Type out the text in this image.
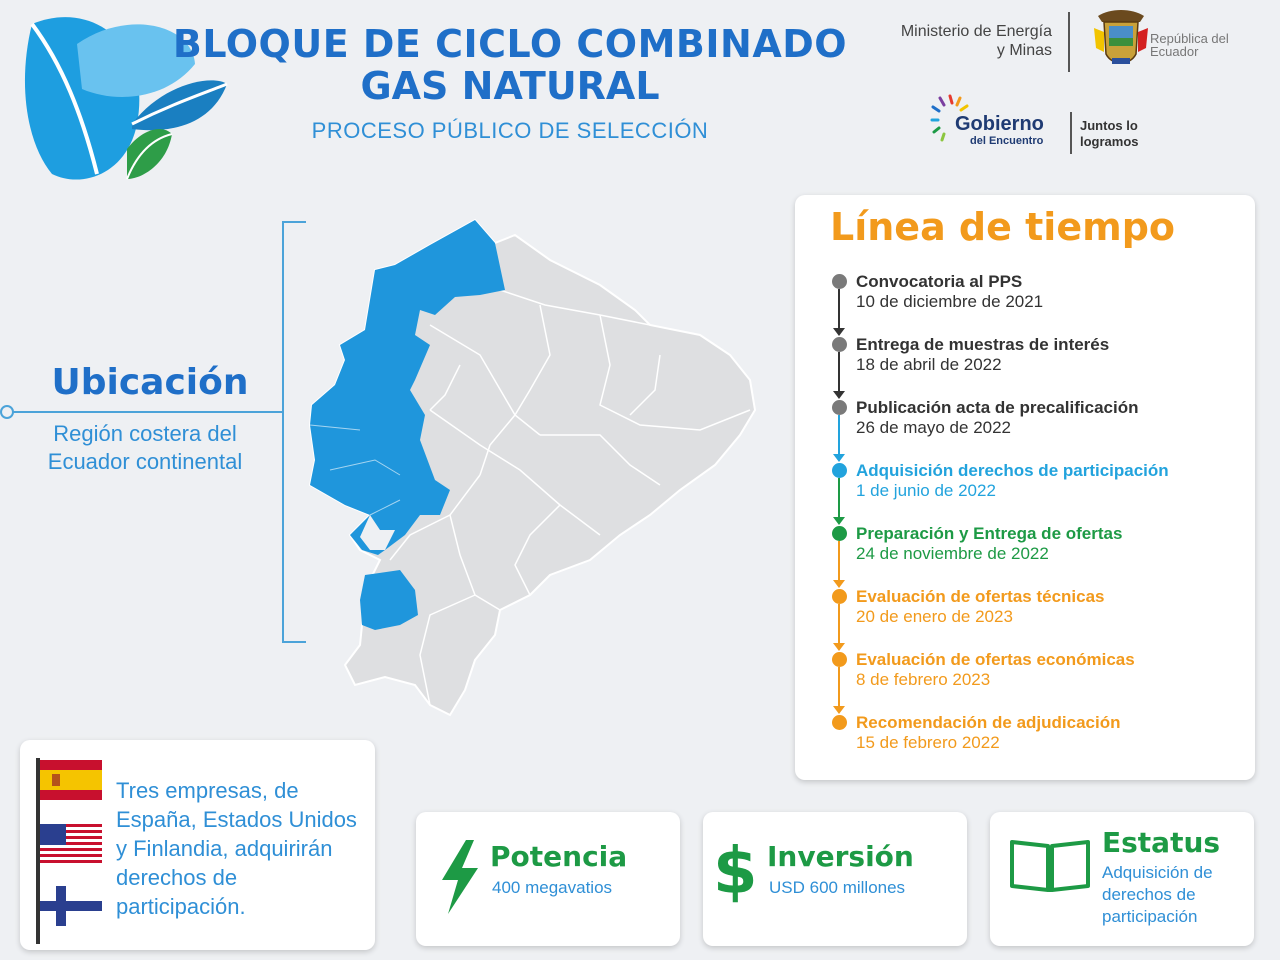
BLOQUE DE CICLO COMBINADO
GAS NATURAL
PROCESO PÚBLICO DE SELECCIÓN
Ministerio de Energía y Minas
República del Ecuador
Gobierno
del Encuentro
Juntos lo logramos
Ubicación
Región costera del Ecuador continental
Línea de tiempo
Convocatoria al PPS
10 de diciembre de 2021
Entrega de muestras de interés
18 de abril de 2022
Publicación acta de precalificación
26 de mayo de 2022
Adquisición derechos de participación
1 de junio de 2022
Preparación y Entrega de ofertas
24 de noviembre de 2022
Evaluación de ofertas técnicas
20 de enero de 2023
Evaluación de ofertas económicas
8 de febrero 2023
Recomendación de adjudicación
15 de febrero 2022
Tres empresas, de España, Estados Unidos y Finlandia, adquirirán derechos de participación.
Potencia
400 megavatios $ Inversión
USD 600 millones
Estatus
Adquisición de derechos de participación
